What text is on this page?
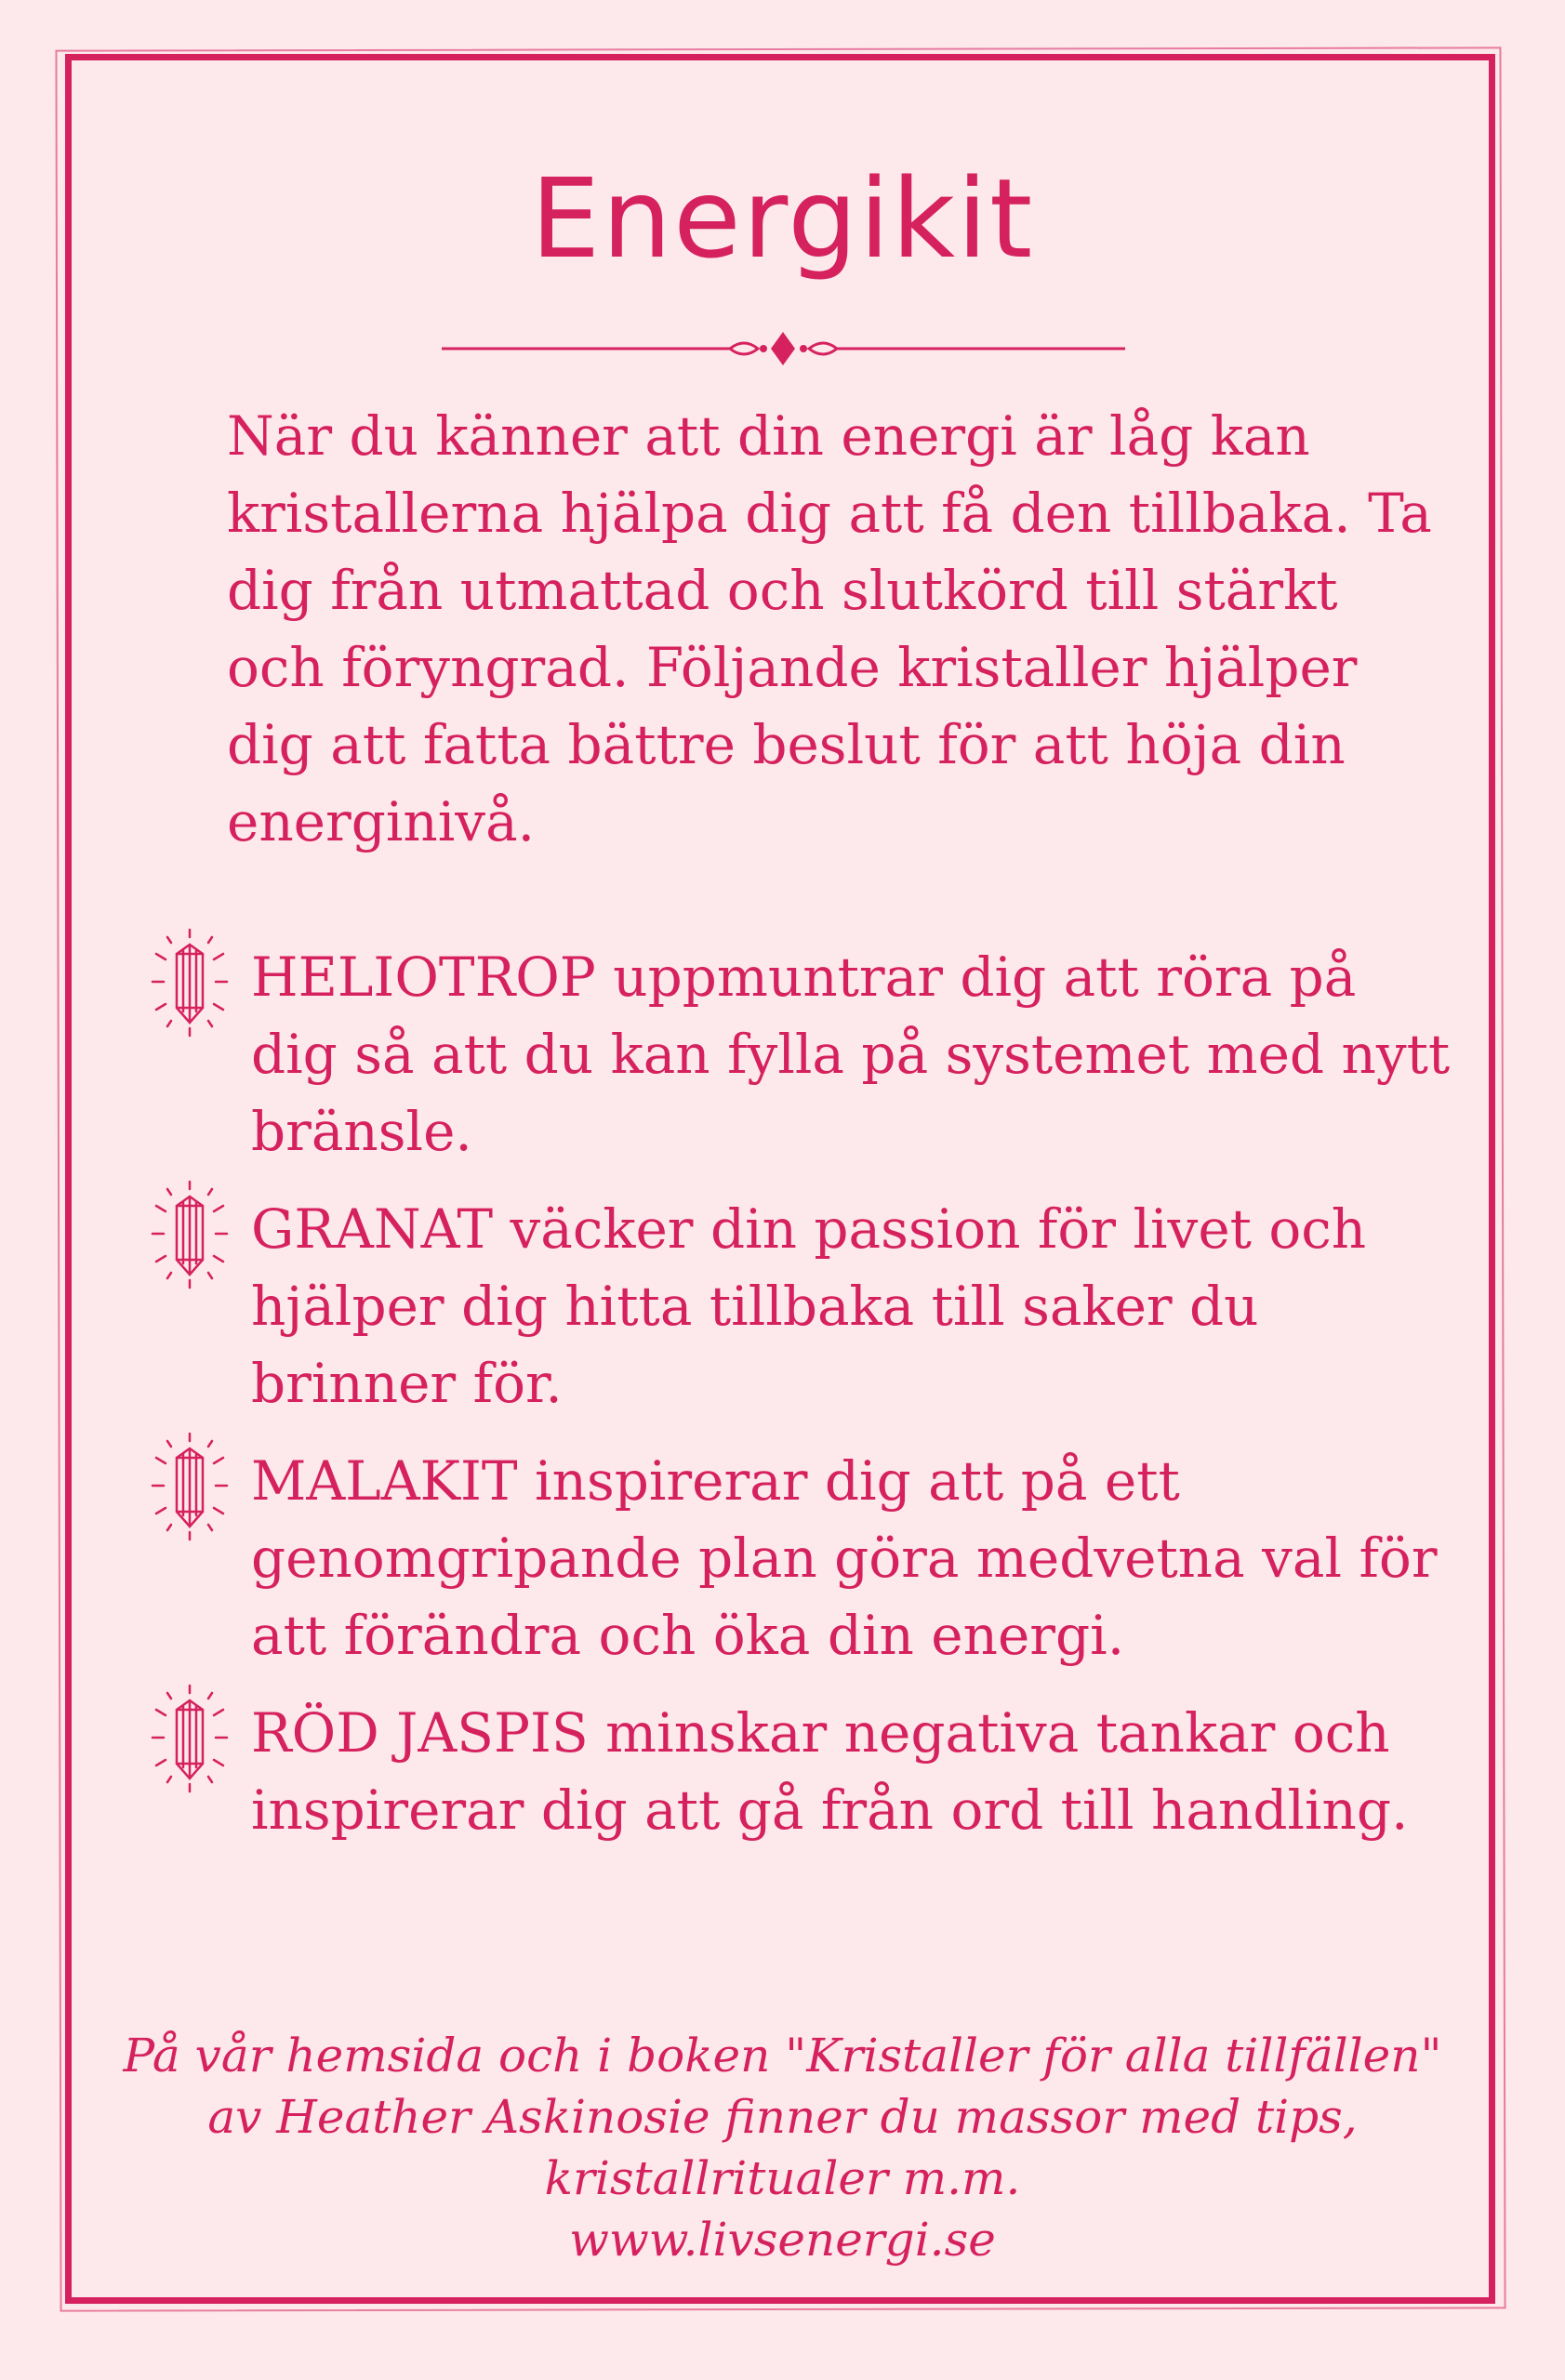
Energikit

När du känner att din energi är låg kan kristallerna hjälpa dig att få den tillbaka. Ta dig från utmattad och slutkörd till stärkt och föryngrad. Följande kristaller hjälper dig att fatta bättre beslut för att höja din energinivå.

HELIOTROP uppmuntrar dig att röra på dig så att du kan fylla på systemet med nytt bränsle.
GRANAT väcker din passion för livet och hjälper dig hitta tillbaka till saker du brinner för.
MALAKIT inspirerar dig att på ett genomgripande plan göra medvetna val för att förändra och öka din energi.
RÖD JASPIS minskar negativa tankar och inspirerar dig att gå från ord till handling.

På vår hemsida och i boken "Kristaller för alla tillfällen" av Heather Askinosie finner du massor med tips, kristallritualer m.m.

www.livsenergi.se
